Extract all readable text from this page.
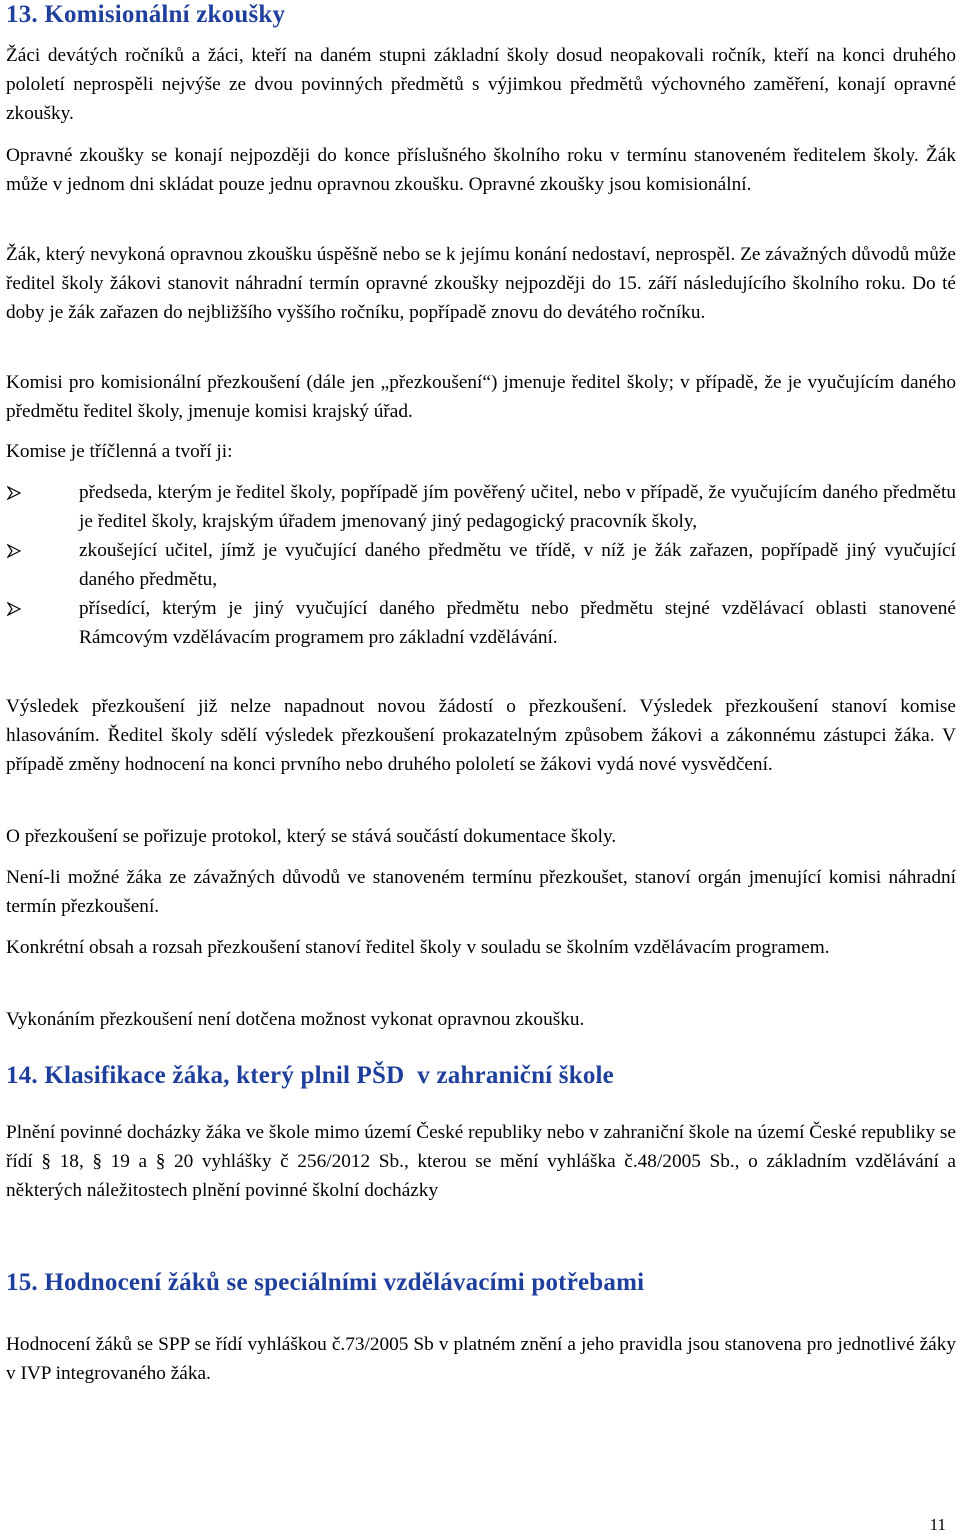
13. Komisionální zkoušky

Žáci devátých ročníků a žáci, kteří na daném stupni základní školy dosud neopakovali ročník, kteří na konci druhého pololetí neprospěli nejvýše ze dvou povinných předmětů s výjimkou předmětů výchovného zaměření, konají opravné zkoušky.

Opravné zkoušky se konají nejpozději do konce příslušného školního roku v termínu stanoveném ředitelem školy. Žák může v jednom dni skládat pouze jednu opravnou zkoušku. Opravné zkoušky jsou komisionální.

Žák, který nevykoná opravnou zkoušku úspěšně nebo se k jejímu konání nedostaví, neprospěl. Ze závažných důvodů může ředitel školy žákovi stanovit náhradní termín opravné zkoušky nejpozději do 15. září následujícího školního roku. Do té doby je žák zařazen do nejbližšího vyššího ročníku, popřípadě znovu do devátého ročníku.

Komisi pro komisionální přezkoušení (dále jen „přezkoušení“) jmenuje ředitel školy; v případě, že je vyučujícím daného předmětu ředitel školy, jmenuje komisi krajský úřad.

Komise je tříčlenná a tvoří ji:

předseda, kterým je ředitel školy, popřípadě jím pověřený učitel, nebo v případě, že vyučujícím daného předmětu je ředitel školy, krajským úřadem jmenovaný jiný pedagogický pracovník školy,
zkoušející učitel, jímž je vyučující daného předmětu ve třídě, v níž je žák zařazen, popřípadě jiný vyučující daného předmětu,
přísedící, kterým je jiný vyučující daného předmětu nebo předmětu stejné vzdělávací oblasti stanovené Rámcovým vzdělávacím programem pro základní vzdělávání.

Výsledek přezkoušení již nelze napadnout novou žádostí o přezkoušení. Výsledek přezkoušení stanoví komise hlasováním. Ředitel školy sdělí výsledek přezkoušení prokazatelným způsobem žákovi a zákonnému zástupci žáka. V případě změny hodnocení na konci prvního nebo druhého pololetí se žákovi vydá nové vysvědčení.

O přezkoušení se pořizuje protokol, který se stává součástí dokumentace školy.

Není-li možné žáka ze závažných důvodů ve stanoveném termínu přezkoušet, stanoví orgán jmenující komisi náhradní termín přezkoušení.

Konkrétní obsah a rozsah přezkoušení stanoví ředitel školy v souladu se školním vzdělávacím programem.

Vykonáním přezkoušení není dotčena možnost vykonat opravnou zkoušku.

14. Klasifikace žáka, který plnil PŠD  v zahraniční škole

Plnění povinné docházky žáka ve škole mimo území České republiky nebo v zahraniční škole na území České republiky se řídí § 18, § 19 a § 20 vyhlášky č 256/2012 Sb., kterou se mění vyhláška č.48/2005 Sb., o základním vzdělávání a některých náležitostech plnění povinné školní docházky

15. Hodnocení žáků se speciálními vzdělávacími potřebami

Hodnocení žáků se SPP se řídí vyhláškou č.73/2005 Sb v platném znění a jeho pravidla jsou stanovena pro jednotlivé žáky v IVP integrovaného žáka.

11
